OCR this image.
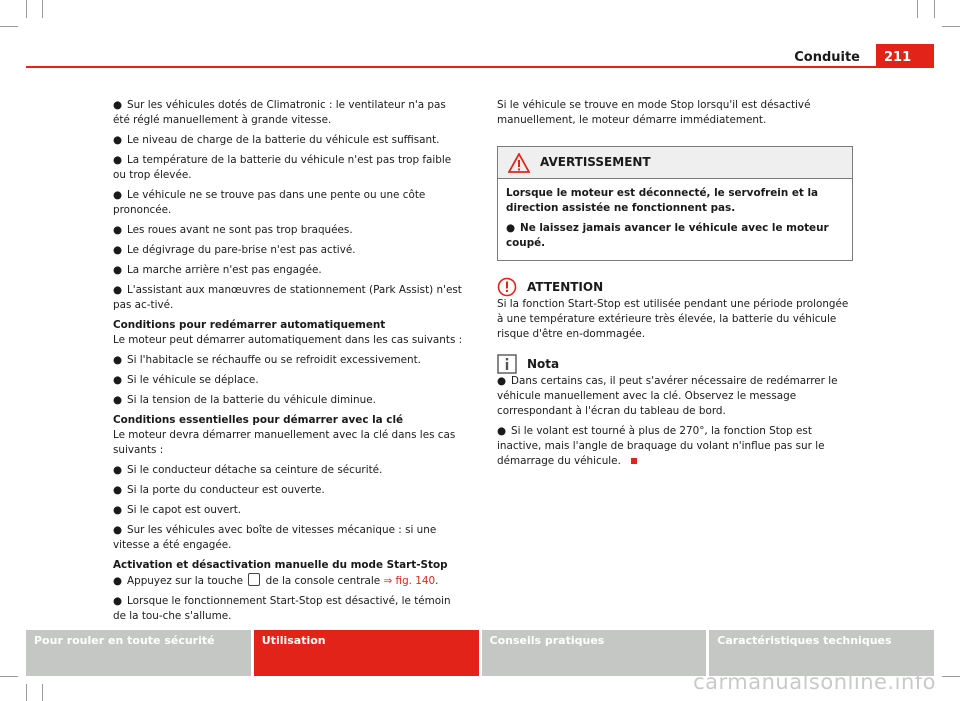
Conduite	211
● Sur les véhicules dotés de Climatronic : le ventilateur n'a pas été réglé manuellement à grande vitesse.
● Le niveau de charge de la batterie du véhicule est suffisant.
● La température de la batterie du véhicule n'est pas trop faible ou trop élevée.
● Le véhicule ne se trouve pas dans une pente ou une côte prononcée.
● Les roues avant ne sont pas trop braquées.
● Le dégivrage du pare-brise n'est pas activé.
● La marche arrière n'est pas engagée.
● L'assistant aux manœuvres de stationnement (Park Assist) n'est pas ac-tivé.

Conditions pour redémarrer automatiquement

Le moteur peut démarrer automatiquement dans les cas suivants :

● Si l'habitacle se réchauffe ou se refroidit excessivement.
● Si le véhicule se déplace.
● Si la tension de la batterie du véhicule diminue.

Conditions essentielles pour démarrer avec la clé

Le moteur devra démarrer manuellement avec la clé dans les cas suivants :

● Si le conducteur détache sa ceinture de sécurité.
● Si la porte du conducteur est ouverte.
● Si le capot est ouvert.
● Sur les véhicules avec boîte de vitesses mécanique : si une vitesse a été engagée.

Activation et désactivation manuelle du mode Start-Stop

● Appuyez sur la touche de la console centrale ⇒ fig. 140.
● Lorsque le fonctionnement Start-Stop est désactivé, le témoin de la tou-che s'allume.

Si le véhicule se trouve en mode Stop lorsqu'il est désactivé manuellement, le moteur démarre immédiatement.

AVERTISSEMENT

Lorsque le moteur est déconnecté, le servofrein et la direction assistée ne fonctionnent pas.

● Ne laissez jamais avancer le véhicule avec le moteur coupé.
ATTENTION

Si la fonction Start-Stop est utilisée pendant une période prolongée à une température extérieure très élevée, la batterie du véhicule risque d'être en-dommagée.

Nota
● Dans certains cas, il peut s'avérer nécessaire de redémarrer le véhicule manuellement avec la clé. Observez le message correspondant à l'écran du tableau de bord.
● Si le volant est tourné à plus de 270°, la fonction Stop est inactive, mais l'angle de braquage du volant n'influe pas sur le démarrage du véhicule.
Pour rouler en toute sécurité	Utilisation	Conseils pratiques	Caractéristiques techniques
carmanualsonline.info
